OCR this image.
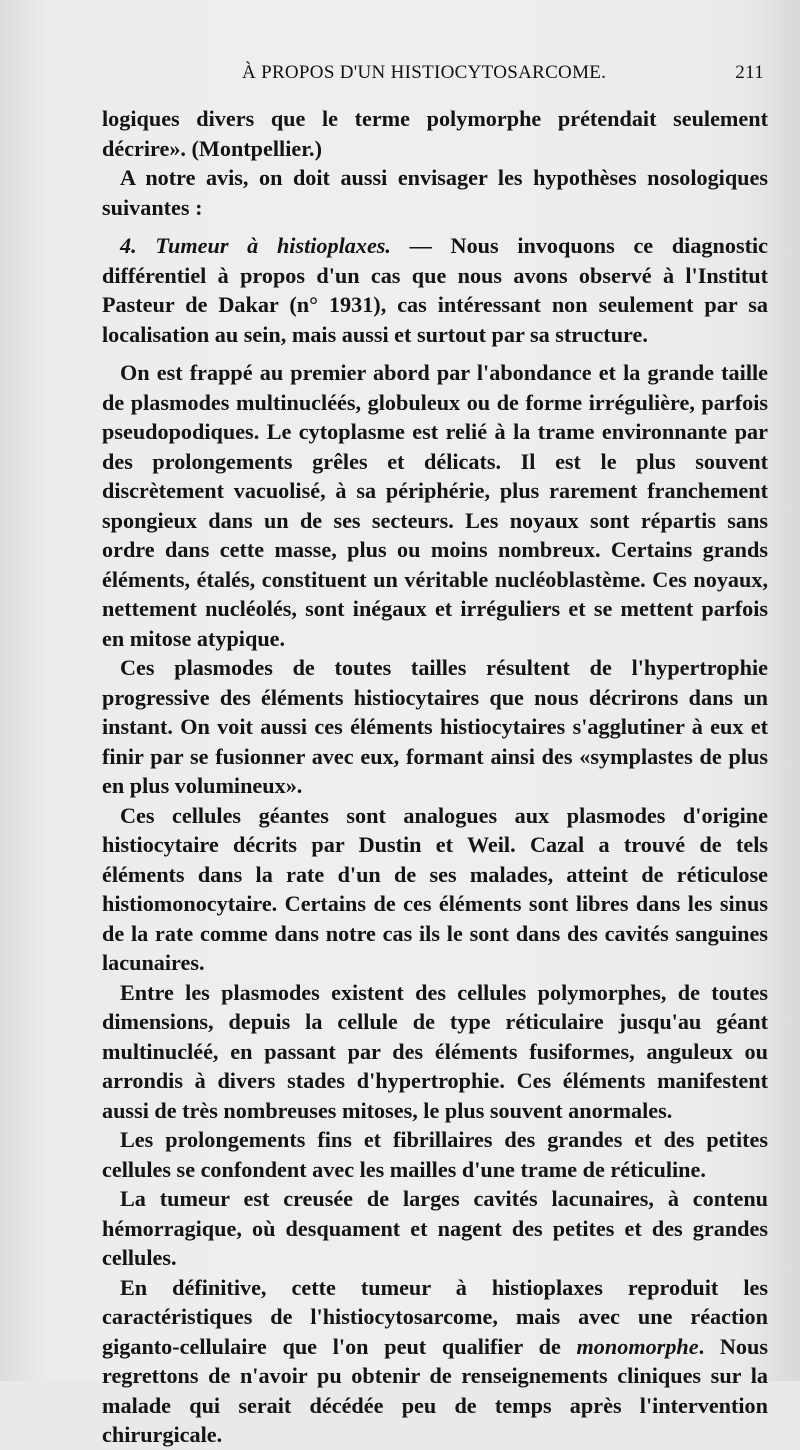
À PROPOS D'UN HISTIOCYTOSARCOME.	211

logiques divers que le terme polymorphe prétendait seulement décrire». (Montpellier.)

A notre avis, on doit aussi envisager les hypothèses nosologiques suivantes :

4. Tumeur à histioplaxes. — Nous invoquons ce diagnostic différentiel à propos d'un cas que nous avons observé à l'Institut Pasteur de Dakar (n° 1931), cas intéressant non seulement par sa localisation au sein, mais aussi et surtout par sa structure.

On est frappé au premier abord par l'abondance et la grande taille de plasmodes multinucléés, globuleux ou de forme irrégulière, parfois pseudopodiques. Le cytoplasme est relié à la trame environnante par des prolongements grêles et délicats. Il est le plus souvent discrètement vacuolisé, à sa périphérie, plus rarement franchement spongieux dans un de ses secteurs. Les noyaux sont répartis sans ordre dans cette masse, plus ou moins nombreux. Certains grands éléments, étalés, constituent un véritable nucléoblastème. Ces noyaux, nettement nucléolés, sont inégaux et irréguliers et se mettent parfois en mitose atypique.

Ces plasmodes de toutes tailles résultent de l'hypertrophie progressive des éléments histiocytaires que nous décrirons dans un instant. On voit aussi ces éléments histiocytaires s'agglutiner à eux et finir par se fusionner avec eux, formant ainsi des «symplastes de plus en plus volumineux».

Ces cellules géantes sont analogues aux plasmodes d'origine histiocytaire décrits par Dustin et Weil. Cazal a trouvé de tels éléments dans la rate d'un de ses malades, atteint de réticulose histiomonocytaire. Certains de ces éléments sont libres dans les sinus de la rate comme dans notre cas ils le sont dans des cavités sanguines lacunaires.

Entre les plasmodes existent des cellules polymorphes, de toutes dimensions, depuis la cellule de type réticulaire jusqu'au géant multinucléé, en passant par des éléments fusiformes, anguleux ou arrondis à divers stades d'hypertrophie. Ces éléments manifestent aussi de très nombreuses mitoses, le plus souvent anormales.

Les prolongements fins et fibrillaires des grandes et des petites cellules se confondent avec les mailles d'une trame de réticuline.

La tumeur est creusée de larges cavités lacunaires, à contenu hémorragique, où desquament et nagent des petites et des grandes cellules.

En définitive, cette tumeur à histioplaxes reproduit les caractéristiques de l'histiocytosarcome, mais avec une réaction giganto-cellulaire que l'on peut qualifier de monomorphe. Nous regrettons de n'avoir pu obtenir de renseignements cliniques sur la malade qui serait décédée peu de temps après l'intervention chirurgicale.
